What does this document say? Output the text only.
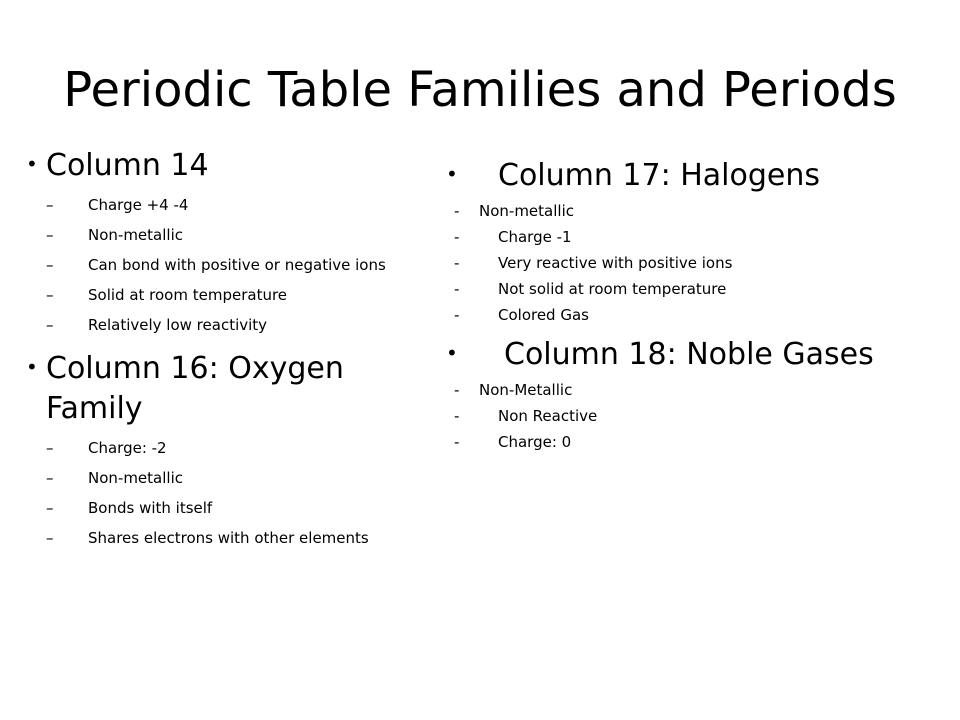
Periodic Table Families and Periods
• Column 14
– Charge +4 -4
– Non-metallic
– Can bond with positive or negative ions
– Solid at room temperature
– Relatively low reactivity
• Column 16: Oxygen Family
– Charge: -2
– Non-metallic
– Bonds with itself
– Shares electrons with other elements
•	Column 17: Halogens
- Non-metallic
-	Charge -1
-	Very reactive with positive ions
-	Not solid at room temperature
-	Colored Gas
•	Column 18: Noble Gases
- Non-Metallic
-	Non Reactive
-	Charge: 0
